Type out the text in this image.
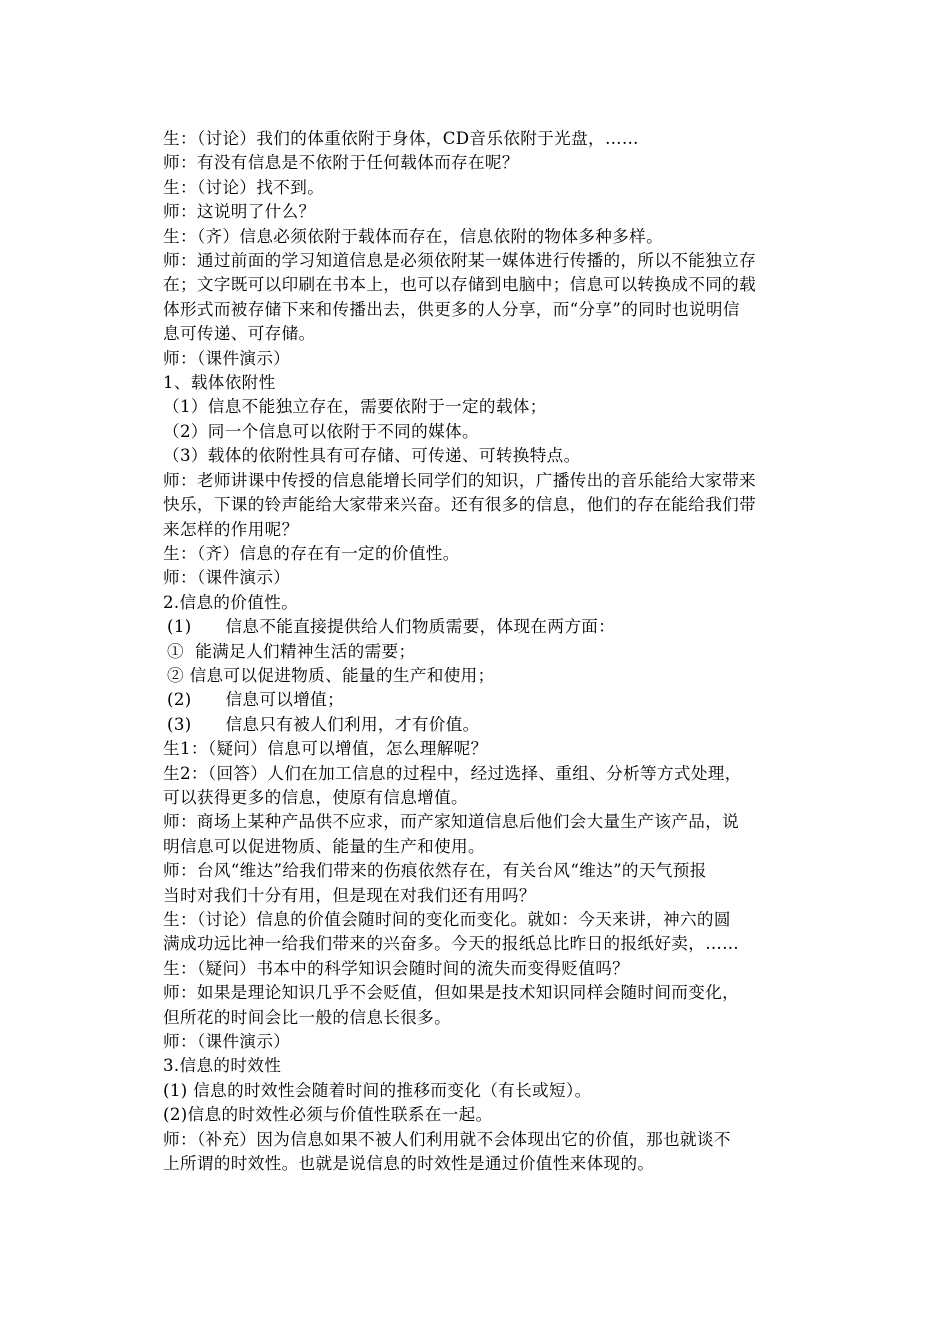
生：（讨论）我们的体重依附于身体，CD音乐依附于光盘，……
师：有没有信息是不依附于任何载体而存在呢？
生：（讨论）找不到。
师：这说明了什么？
生：（齐）信息必须依附于载体而存在，信息依附的物体多种多样。
师：通过前面的学习知道信息是必须依附某一媒体进行传播的，所以不能独立存
在；文字既可以印刷在书本上，也可以存储到电脑中；信息可以转换成不同的载
体形式而被存储下来和传播出去，供更多的人分享，而“分享”的同时也说明信
息可传递、可存储。
师：（课件演示）
1、载体依附性
（1）信息不能独立存在，需要依附于一定的载体；
（2）同一个信息可以依附于不同的媒体。
（3）载体的依附性具有可存储、可传递、可转换特点。
师：老师讲课中传授的信息能增长同学们的知识，广播传出的音乐能给大家带来
快乐，下课的铃声能给大家带来兴奋。还有很多的信息，他们的存在能给我们带
来怎样的作用呢？
生：（齐）信息的存在有一定的价值性。
师：（课件演示）
2.信息的价值性。
(1)　　信息不能直接提供给人们物质需要，体现在两方面：
①  能满足人们精神生活的需要；
② 信息可以促进物质、能量的生产和使用；
(2)　　信息可以增值；
(3)　　信息只有被人们利用，才有价值。
生1：（疑问）信息可以增值，怎么理解呢？
生2：（回答）人们在加工信息的过程中，经过选择、重组、分析等方式处理，
可以获得更多的信息，使原有信息增值。
师：商场上某种产品供不应求，而产家知道信息后他们会大量生产该产品，说
明信息可以促进物质、能量的生产和使用。
师：台风“维达”给我们带来的伤痕依然存在，有关台风“维达”的天气预报
当时对我们十分有用，但是现在对我们还有用吗？
生：（讨论）信息的价值会随时间的变化而变化。就如：今天来讲，神六的圆
满成功远比神一给我们带来的兴奋多。今天的报纸总比昨日的报纸好卖，……
生：（疑问）书本中的科学知识会随时间的流失而变得贬值吗？
师：如果是理论知识几乎不会贬值，但如果是技术知识同样会随时间而变化，
但所花的时间会比一般的信息长很多。
师：（课件演示）
3.信息的时效性
(1) 信息的时效性会随着时间的推移而变化（有长或短）。
(2)信息的时效性必须与价值性联系在一起。
师：（补充）因为信息如果不被人们利用就不会体现出它的价值，那也就谈不
上所谓的时效性。也就是说信息的时效性是通过价值性来体现的。
